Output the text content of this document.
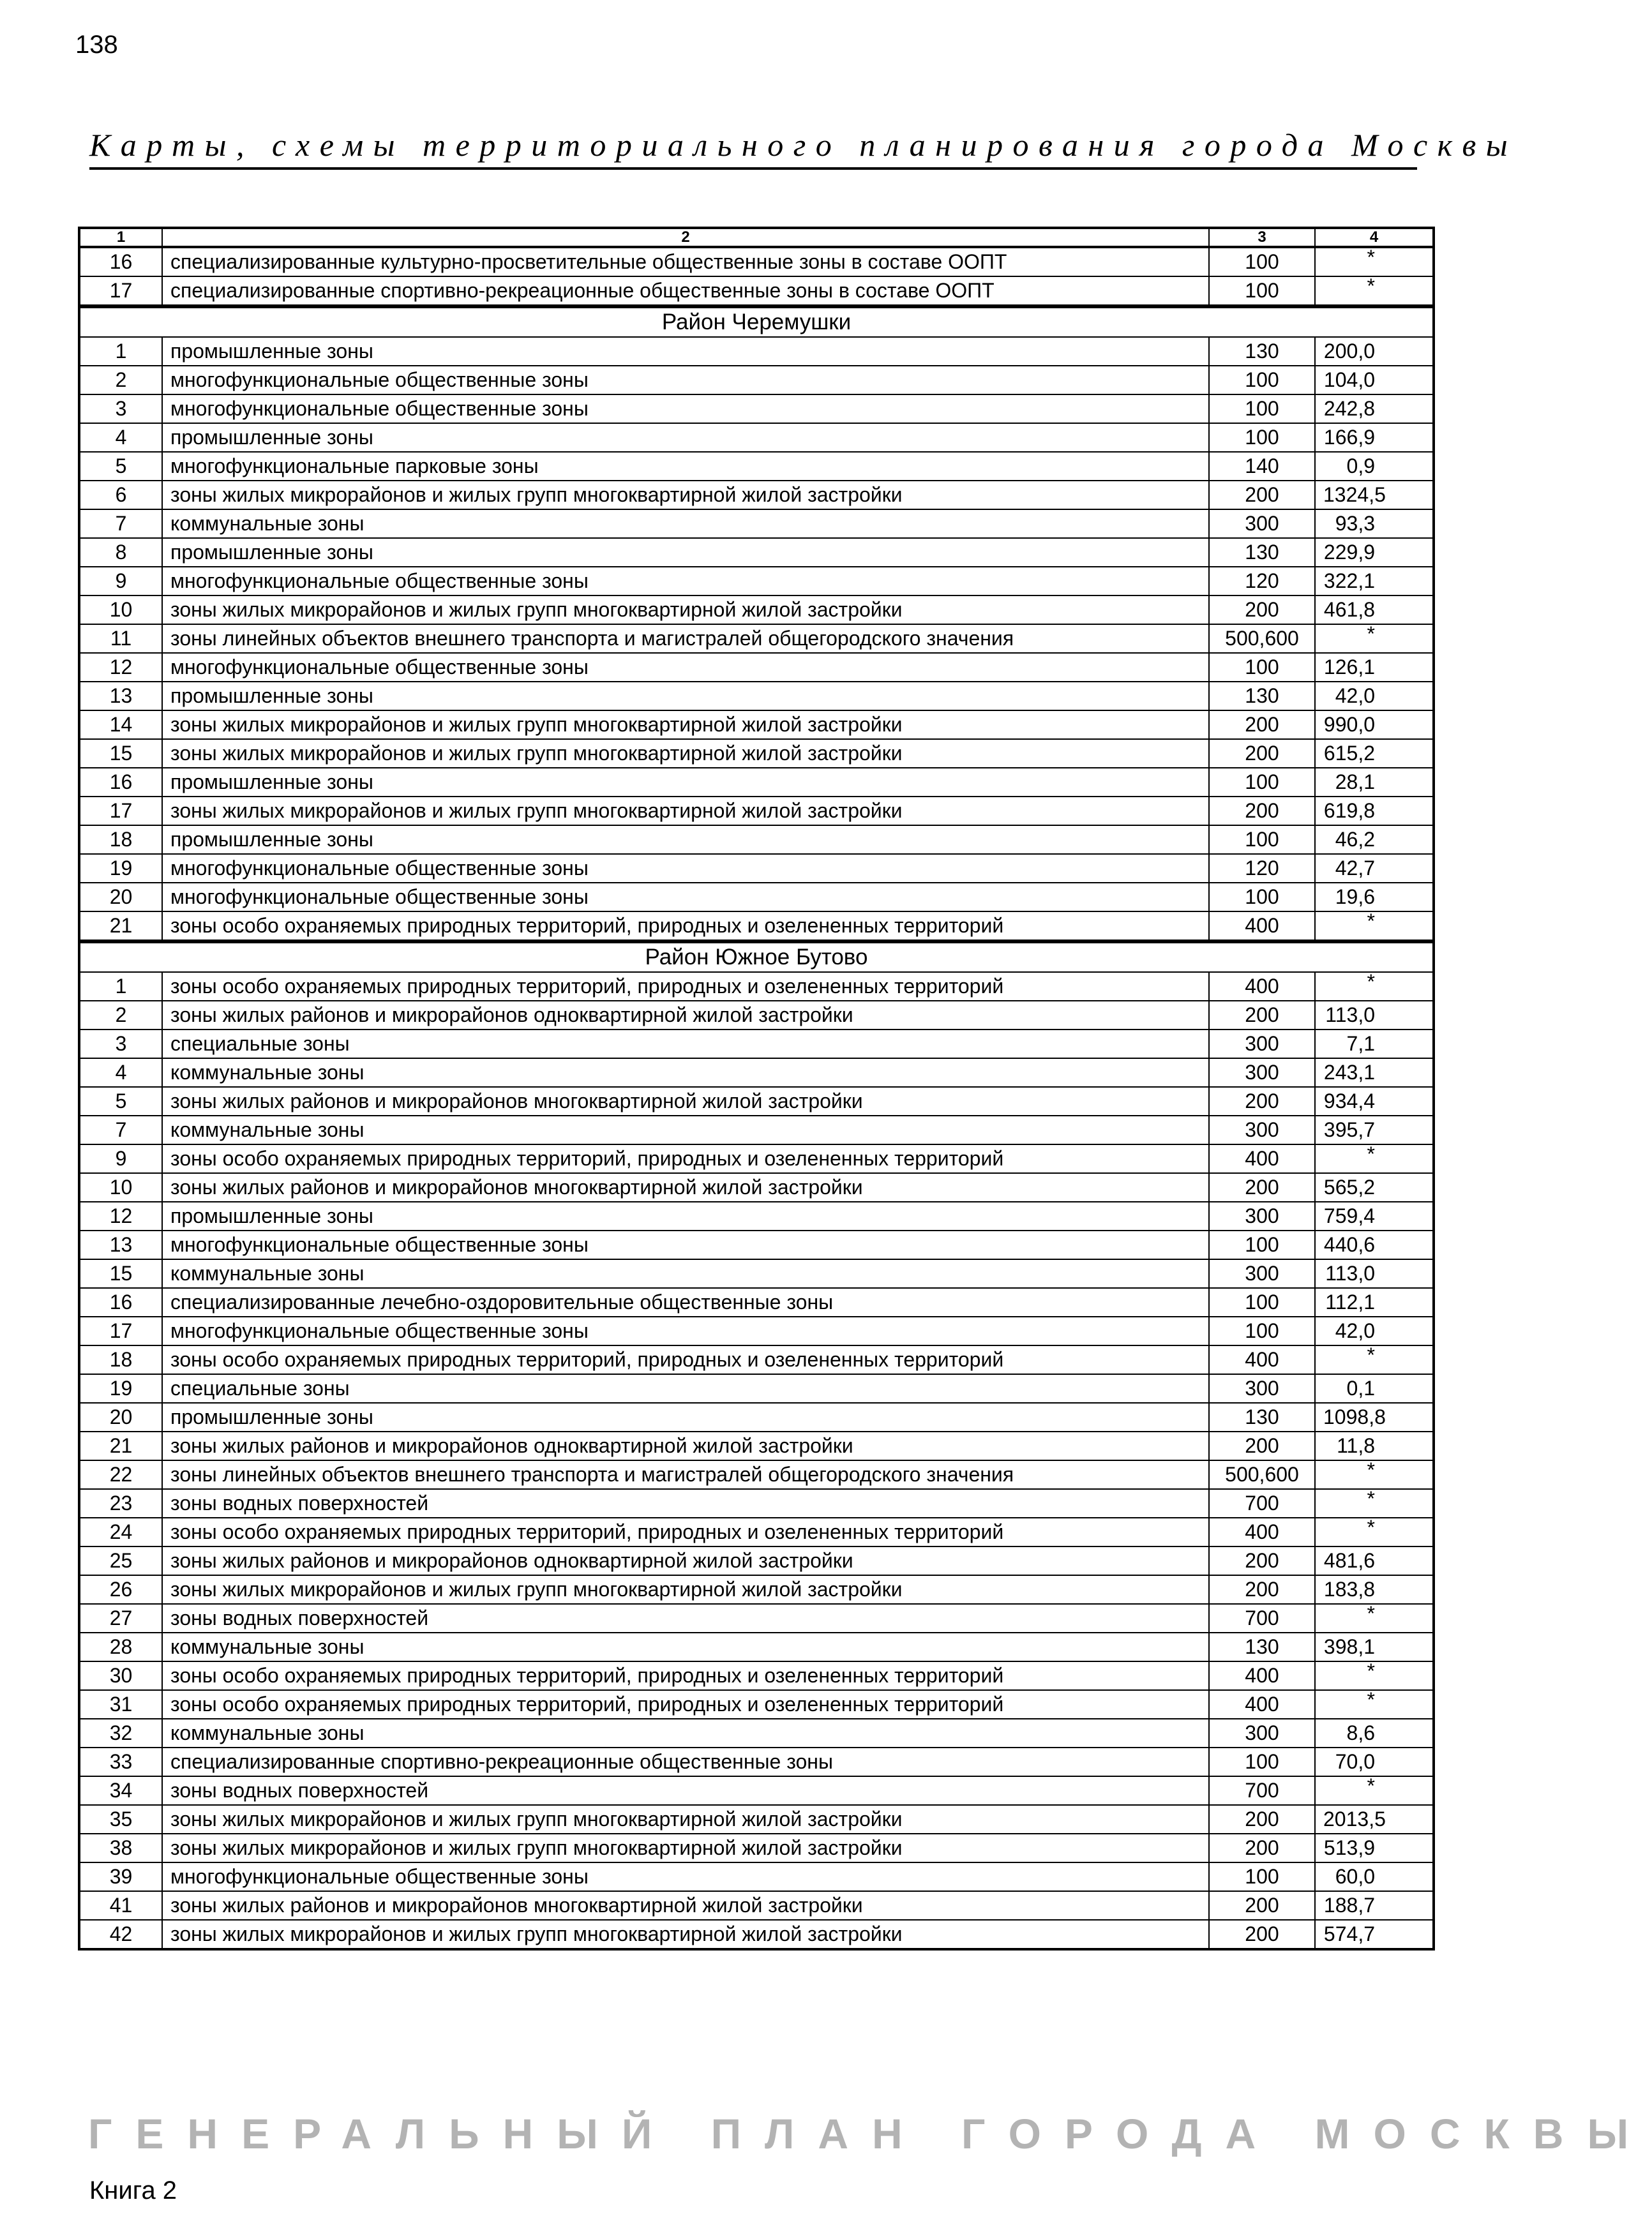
138
Карты, схемы территориального планирования города Москвы
1	2	3	4
16	специализированные культурно-просветительные общественные зоны в составе ООПТ	100	*
17	специализированные спортивно-рекреационные общественные зоны в составе ООПТ	100	*
Район Черемушки			
1	промышленные зоны	130	200,0
2	многофункциональные общественные зоны	100	104,0
3	многофункциональные общественные зоны	100	242,8
4	промышленные зоны	100	166,9
5	многофункциональные парковые зоны	140	0,9
6	зоны жилых микрорайонов и жилых групп многоквартирной жилой застройки	200	1324,5
7	коммунальные зоны	300	93,3
8	промышленные зоны	130	229,9
9	многофункциональные общественные зоны	120	322,1
10	зоны жилых микрорайонов и жилых групп многоквартирной жилой застройки	200	461,8
11	зоны линейных объектов внешнего транспорта и магистралей общегородского значения	500,600	*
12	многофункциональные общественные зоны	100	126,1
13	промышленные зоны	130	42,0
14	зоны жилых микрорайонов и жилых групп многоквартирной жилой застройки	200	990,0
15	зоны жилых микрорайонов и жилых групп многоквартирной жилой застройки	200	615,2
16	промышленные зоны	100	28,1
17	зоны жилых микрорайонов и жилых групп многоквартирной жилой застройки	200	619,8
18	промышленные зоны	100	46,2
19	многофункциональные общественные зоны	120	42,7
20	многофункциональные общественные зоны	100	19,6
21	зоны особо охраняемых природных территорий, природных и озелененных территорий	400	*
Район Южное Бутово			
1	зоны особо охраняемых природных территорий, природных и озелененных территорий	400	*
2	зоны жилых районов и микрорайонов одноквартирной жилой застройки	200	113,0
3	специальные зоны	300	7,1
4	коммунальные зоны	300	243,1
5	зоны жилых районов и микрорайонов многоквартирной жилой застройки	200	934,4
7	коммунальные зоны	300	395,7
9	зоны особо охраняемых природных территорий, природных и озелененных территорий	400	*
10	зоны жилых районов и микрорайонов многоквартирной жилой застройки	200	565,2
12	промышленные зоны	300	759,4
13	многофункциональные общественные зоны	100	440,6
15	коммунальные зоны	300	113,0
16	специализированные лечебно-оздоровительные общественные зоны	100	112,1
17	многофункциональные общественные зоны	100	42,0
18	зоны особо охраняемых природных территорий, природных и озелененных территорий	400	*
19	специальные зоны	300	0,1
20	промышленные зоны	130	1098,8
21	зоны жилых районов и микрорайонов одноквартирной жилой застройки	200	11,8
22	зоны линейных объектов внешнего транспорта и магистралей общегородского значения	500,600	*
23	зоны водных поверхностей	700	*
24	зоны особо охраняемых природных территорий, природных и озелененных территорий	400	*
25	зоны жилых районов и микрорайонов одноквартирной жилой застройки	200	481,6
26	зоны жилых микрорайонов и жилых групп многоквартирной жилой застройки	200	183,8
27	зоны водных поверхностей	700	*
28	коммунальные зоны	130	398,1
30	зоны особо охраняемых природных территорий, природных и озелененных территорий	400	*
31	зоны особо охраняемых природных территорий, природных и озелененных территорий	400	*
32	коммунальные зоны	300	8,6
33	специализированные спортивно-рекреационные общественные зоны	100	70,0
34	зоны водных поверхностей	700	*
35	зоны жилых микрорайонов и жилых групп многоквартирной жилой застройки	200	2013,5
38	зоны жилых микрорайонов и жилых групп многоквартирной жилой застройки	200	513,9
39	многофункциональные общественные зоны	100	60,0
41	зоны жилых районов и микрорайонов многоквартирной жилой застройки	200	188,7
42	зоны жилых микрорайонов и жилых групп многоквартирной жилой застройки	200	574,7
ГЕНЕРАЛЬНЫЙ ПЛАН ГОРОДА МОСКВЫ
Книга 2
